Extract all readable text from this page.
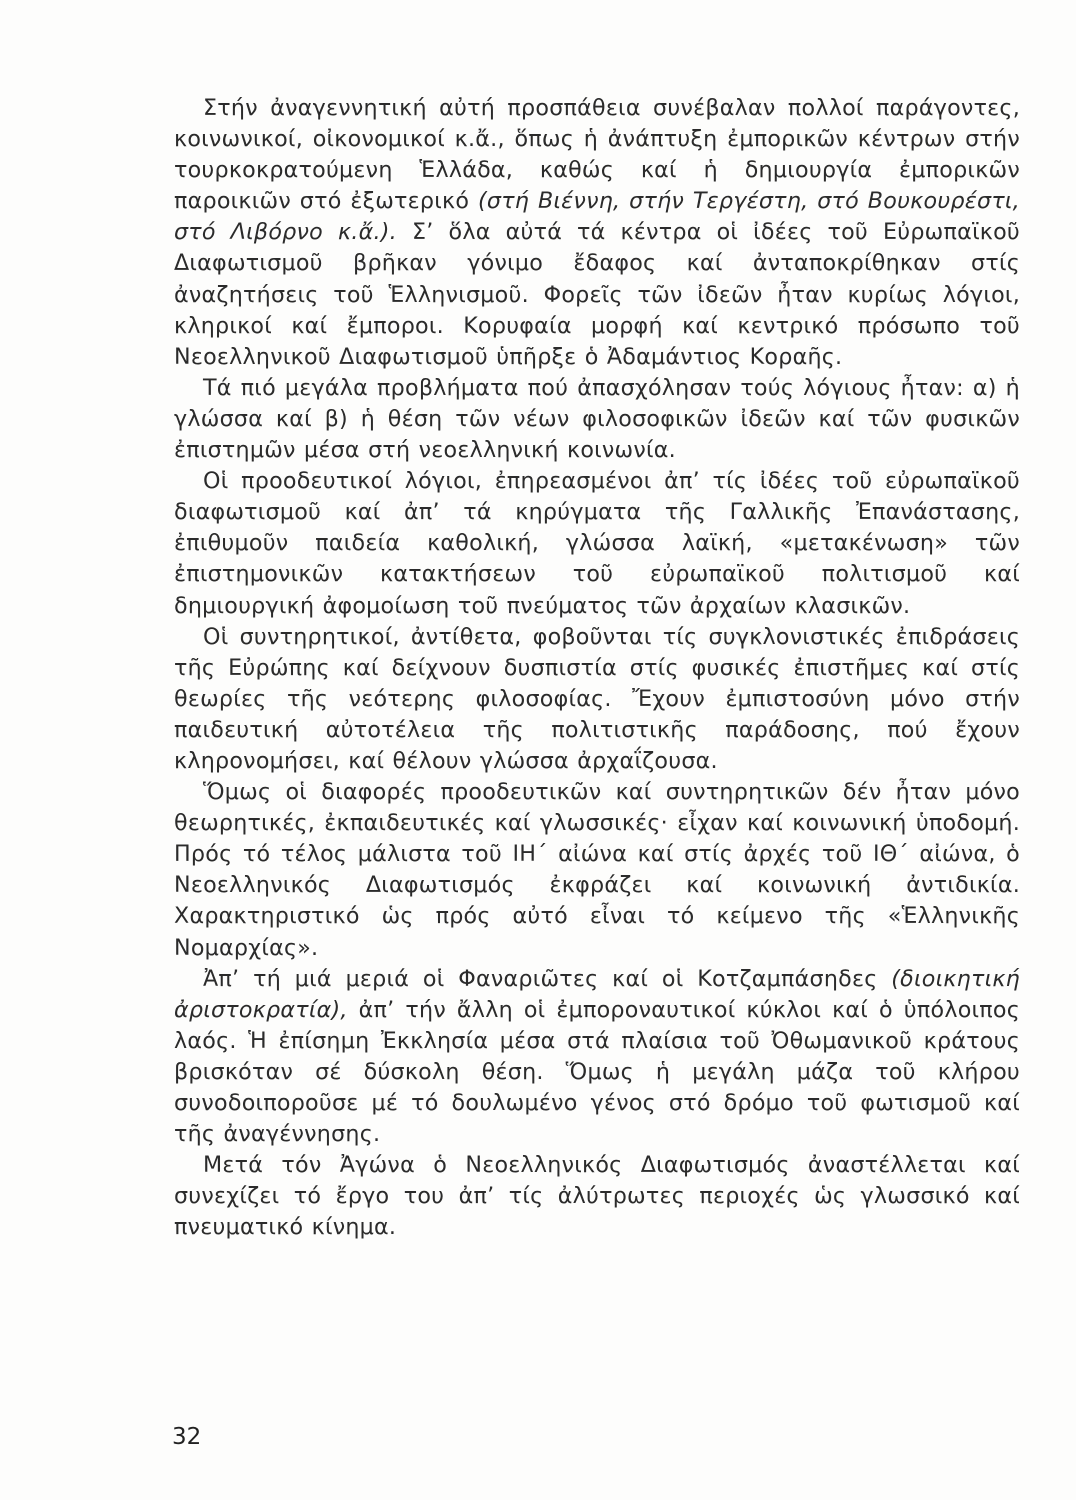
Στήν ἀναγεννητική αὐτή προσπάθεια συνέβαλαν πολλοί παράγοντες, κοινωνικοί, οἰκονομικοί κ.ἄ., ὅπως ἡ ἀνάπτυξη ἐμπορικῶν κέντρων στήν τουρκοκρατούμενη Ἑλλάδα, καθώς καί ἡ δημιουργία ἐμπορικῶν παροικιῶν στό ἐξωτερικό (στή Βιέννη, στήν Τεργέστη, στό Βουκουρέστι, στό Λιβόρνο κ.ἄ.). Σ’ ὅλα αὐτά τά κέντρα οἱ ἰδέες τοῦ Εὐρωπαϊκοῦ Διαφωτισμοῦ βρῆκαν γόνιμο ἔδαφος καί ἀνταποκρίθηκαν στίς ἀναζητήσεις τοῦ Ἑλληνισμοῦ. Φορεῖς τῶν ἰδεῶν ἦταν κυρίως λόγιοι, κληρικοί καί ἔμποροι. Κορυφαία μορφή καί κεντρικό πρόσωπο τοῦ Νεοελληνικοῦ Διαφωτισμοῦ ὑπῆρξε ὁ Ἀδαμάντιος Κοραῆς.

Τά πιό μεγάλα προβλήματα πού ἀπασχόλησαν τούς λόγιους ἦταν: α) ἡ γλώσσα καί β) ἡ θέση τῶν νέων φιλοσοφικῶν ἰδεῶν καί τῶν φυσικῶν ἐπιστημῶν μέσα στή νεοελληνική κοινωνία.

Οἱ προοδευτικοί λόγιοι, ἐπηρεασμένοι ἀπ’ τίς ἰδέες τοῦ εὐρωπαϊκοῦ διαφωτισμοῦ καί ἀπ’ τά κηρύγματα τῆς Γαλλικῆς Ἐπανάστασης, ἐπιθυμοῦν παιδεία καθολική, γλώσσα λαϊκή, «μετακένωση» τῶν ἐπιστημονικῶν κατακτήσεων τοῦ εὐρωπαϊκοῦ πολιτισμοῦ καί δημιουργική ἀφομοίωση τοῦ πνεύματος τῶν ἀρχαίων κλασικῶν.

Οἱ συντηρητικοί, ἀντίθετα, φοβοῦνται τίς συγκλονιστικές ἐπιδράσεις τῆς Εὐρώπης καί δείχνουν δυσπιστία στίς φυσικές ἐπιστῆμες καί στίς θεωρίες τῆς νεότερης φιλοσοφίας. Ἔχουν ἐμπιστοσύνη μόνο στήν παιδευτική αὐτοτέλεια τῆς πολιτιστικῆς παράδοσης, πού ἔχουν κληρονομήσει, καί θέλουν γλώσσα ἀρχαΐζουσα.

Ὅμως οἱ διαφορές προοδευτικῶν καί συντηρητικῶν δέν ἦταν μόνο θεωρητικές, ἐκπαιδευτικές καί γλωσσικές· εἶχαν καί κοινωνική ὑποδομή. Πρός τό τέλος μάλιστα τοῦ ΙΗ΄ αἰώνα καί στίς ἀρχές τοῦ ΙΘ΄ αἰώνα, ὁ Νεοελληνικός Διαφωτισμός ἐκφράζει καί κοινωνική ἀντιδικία. Χαρακτηριστικό ὡς πρός αὐτό εἶναι τό κείμενο τῆς «Ἑλληνικῆς Νομαρχίας».

Ἀπ’ τή μιά μεριά οἱ Φαναριῶτες καί οἱ Κοτζαμπάσηδες (διοικητική ἀριστοκρατία), ἀπ’ τήν ἄλλη οἱ ἐμποροναυτικοί κύκλοι καί ὁ ὑπόλοιπος λαός. Ἡ ἐπίσημη Ἐκκλησία μέσα στά πλαίσια τοῦ Ὀθωμανικοῦ κράτους βρισκόταν σέ δύσκολη θέση. Ὅμως ἡ μεγάλη μάζα τοῦ κλήρου συνοδοιποροῦσε μέ τό δουλωμένο γένος στό δρόμο τοῦ φωτισμοῦ καί τῆς ἀναγέννησης.

Μετά τόν Ἀγώνα ὁ Νεοελληνικός Διαφωτισμός ἀναστέλλεται καί συνεχίζει τό ἔργο του ἀπ’ τίς ἀλύτρωτες περιοχές ὡς γλωσσικό καί πνευματικό κίνημα.

32
